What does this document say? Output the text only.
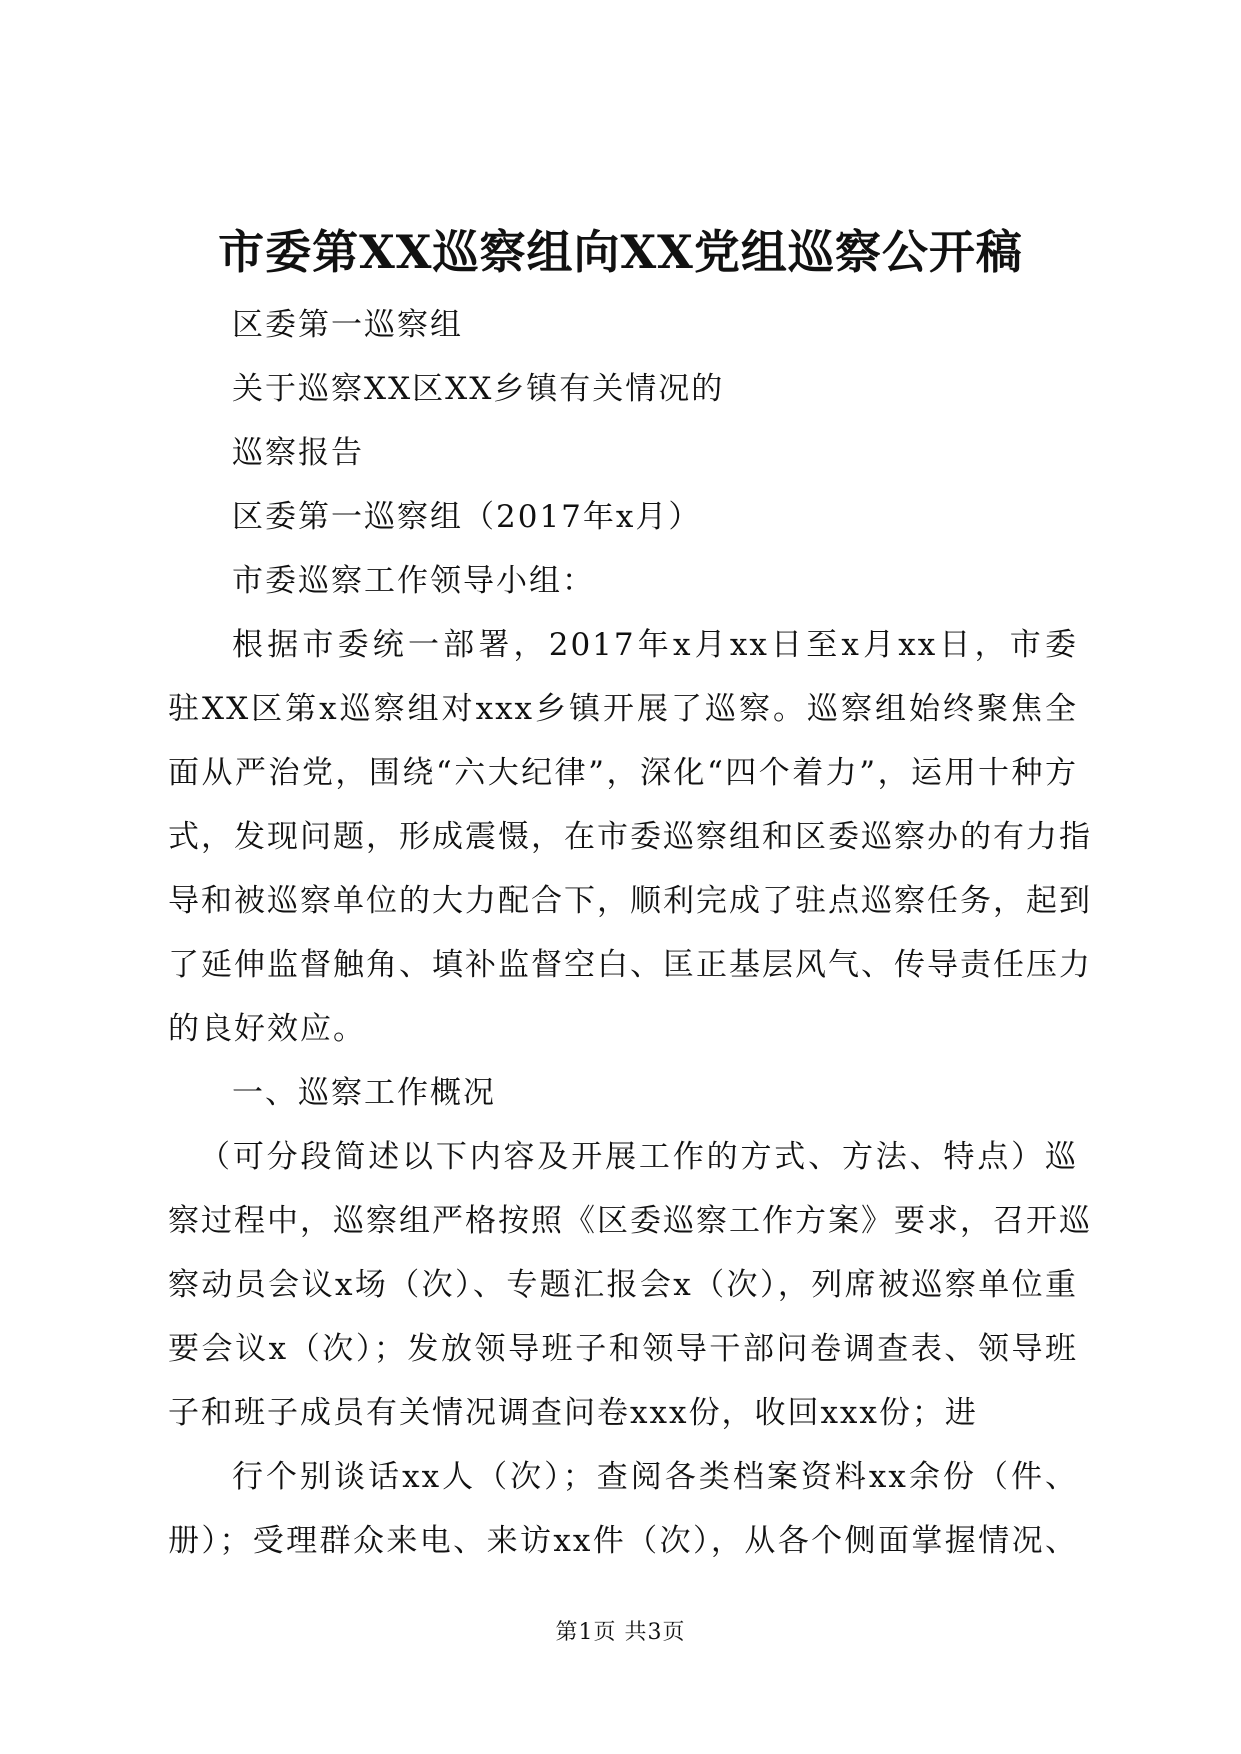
市委第XX巡察组向XX党组巡察公开稿
区委第一巡察组
关于巡察XX区XX乡镇有关情况的
巡察报告
区委第一巡察组（2017年x月）
市委巡察工作领导小组：
根据市委统一部署，2017年x月xx日至x月xx日，市委
驻XX区第x巡察组对xxx乡镇开展了巡察。巡察组始终聚焦全
面从严治党，围绕“六大纪律”，深化“四个着力”，运用十种方
式，发现问题，形成震慑，在市委巡察组和区委巡察办的有力指
导和被巡察单位的大力配合下，顺利完成了驻点巡察任务，起到
了延伸监督触角、填补监督空白、匡正基层风气、传导责任压力
的良好效应。
一、巡察工作概况
（可分段简述以下内容及开展工作的方式、方法、特点）巡
察过程中，巡察组严格按照《区委巡察工作方案》要求，召开巡
察动员会议x场（次）、专题汇报会x（次），列席被巡察单位重
要会议x（次）；发放领导班子和领导干部问卷调查表、领导班
子和班子成员有关情况调查问卷xxx份，收回xxx份；进
行个别谈话xx人（次）；查阅各类档案资料xx余份（件、
册）；受理群众来电、来访xx件（次），从各个侧面掌握情况、
第1页 共3页
